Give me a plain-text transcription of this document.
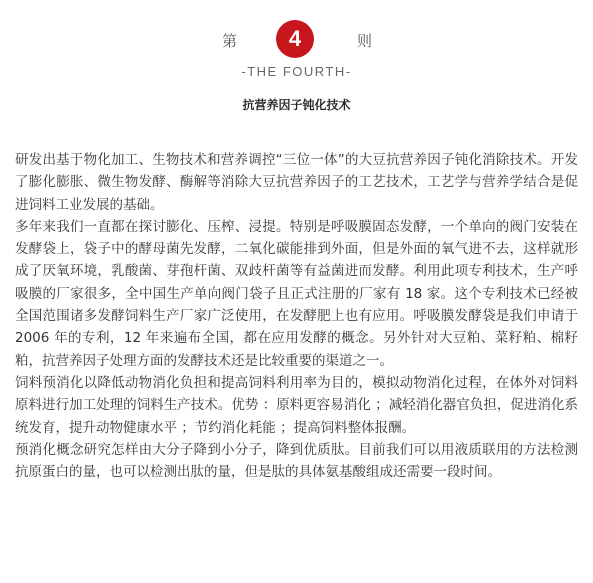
第	4	则
-THE FOURTH-
抗营养因子钝化技术

研发出基于物化加工、生物技术和营养调控“三位一体”的大豆抗营养因子钝化消除技术。开发了膨化膨胀、微生物发酵、酶解等消除大豆抗营养因子的工艺技术，工艺学与营养学结合是促进饲料工业发展的基础。

多年来我们一直都在探讨膨化、压榨、浸提。特别是呼吸膜固态发酵，一个单向的阀门安装在发酵袋上，袋子中的酵母菌先发酵，二氧化碳能排到外面，但是外面的氧气进不去，这样就形成了厌氧环境，乳酸菌、芽孢杆菌、双歧杆菌等有益菌进而发酵。利用此项专利技术，生产呼吸膜的厂家很多，全中国生产单向阀门袋子且正式注册的厂家有 18 家。这个专利技术已经被全国范围诸多发酵饲料生产厂家广泛使用，在发酵肥上也有应用。呼吸膜发酵袋是我们申请于 2006 年的专利，12 年来遍布全国，都在应用发酵的概念。另外针对大豆粕、菜籽粕、棉籽粕，抗营养因子处理方面的发酵技术还是比较重要的渠道之一。

饲料预消化以降低动物消化负担和提高饲料利用率为目的，模拟动物消化过程，在体外对饲料原料进行加工处理的饲料生产技术。优势 ：原料更容易消化 ；减轻消化器官负担，促进消化系统发育，提升动物健康水平 ；节约消化耗能 ；提高饲料整体报酬。

预消化概念研究怎样由大分子降到小分子，降到优质肽。目前我们可以用液质联用的方法检测抗原蛋白的量，也可以检测出肽的量，但是肽的具体氨基酸组成还需要一段时间。
